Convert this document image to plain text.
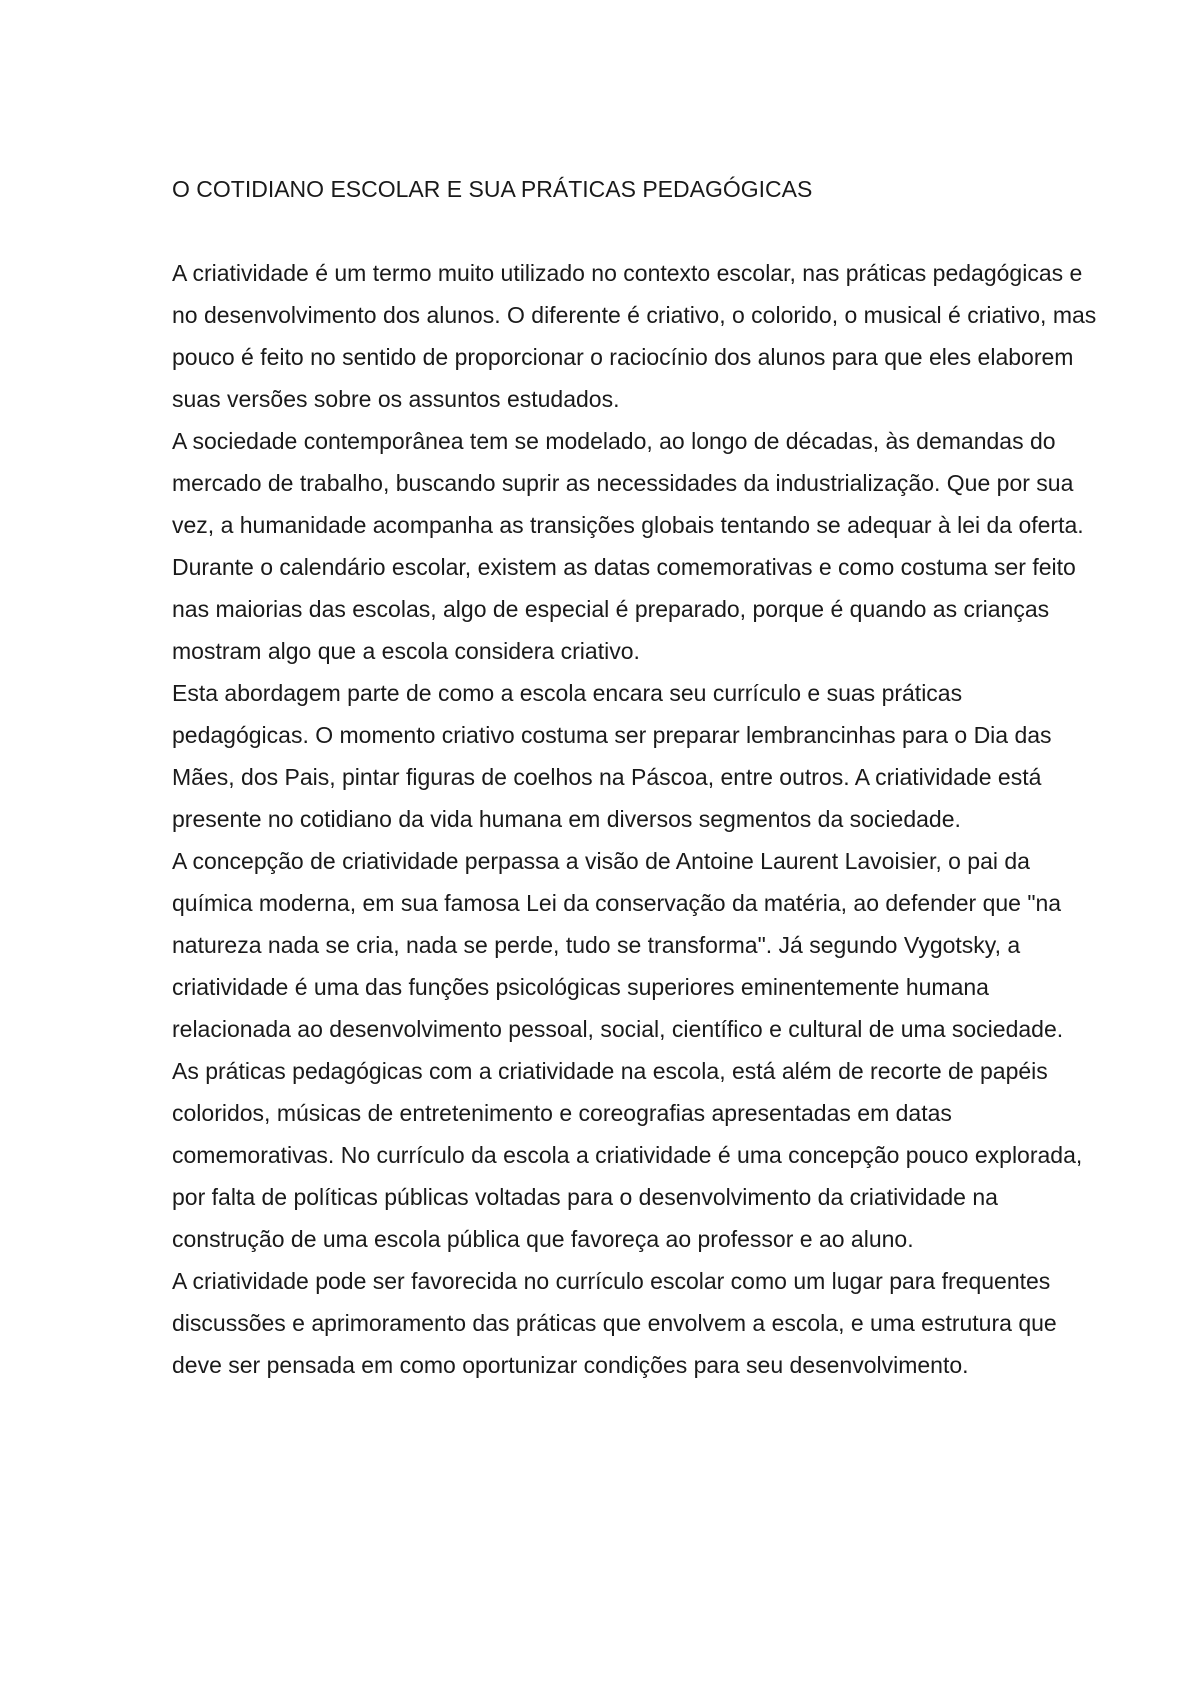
O COTIDIANO ESCOLAR E SUA PRÁTICAS PEDAGÓGICAS

A criatividade é um termo muito utilizado no contexto escolar, nas práticas pedagógicas e no desenvolvimento dos alunos. O diferente é criativo, o colorido, o musical é criativo, mas pouco é feito no sentido de proporcionar o raciocínio dos alunos para que eles elaborem suas versões sobre os assuntos estudados.

A sociedade contemporânea tem se modelado, ao longo de décadas, às demandas do mercado de trabalho, buscando suprir as necessidades da industrialização. Que por sua vez, a humanidade acompanha as transições globais tentando se adequar à lei da oferta.

Durante o calendário escolar, existem as datas comemorativas e como costuma ser feito nas maiorias das escolas, algo de especial é preparado, porque é quando as crianças mostram algo que a escola considera criativo.

Esta abordagem parte de como a escola encara seu currículo e suas práticas pedagógicas. O momento criativo costuma ser preparar lembrancinhas para o Dia das Mães, dos Pais, pintar figuras de coelhos na Páscoa, entre outros. A criatividade está presente no cotidiano da vida humana em diversos segmentos da sociedade.

A concepção de criatividade perpassa a visão de Antoine Laurent Lavoisier, o pai da química moderna, em sua famosa Lei da conservação da matéria, ao defender que "na natureza nada se cria, nada se perde, tudo se transforma". Já segundo Vygotsky, a criatividade é uma das funções psicológicas superiores eminentemente humana relacionada ao desenvolvimento pessoal, social, científico e cultural de uma sociedade.

As práticas pedagógicas com a criatividade na escola, está além de recorte de papéis coloridos, músicas de entretenimento e coreografias apresentadas em datas comemorativas. No currículo da escola a criatividade é uma concepção pouco explorada, por falta de políticas públicas voltadas para o desenvolvimento da criatividade na construção de uma escola pública que favoreça ao professor e ao aluno.

A criatividade pode ser favorecida no currículo escolar como um lugar para frequentes discussões e aprimoramento das práticas que envolvem a escola, e uma estrutura que deve ser pensada em como oportunizar condições para seu desenvolvimento.
